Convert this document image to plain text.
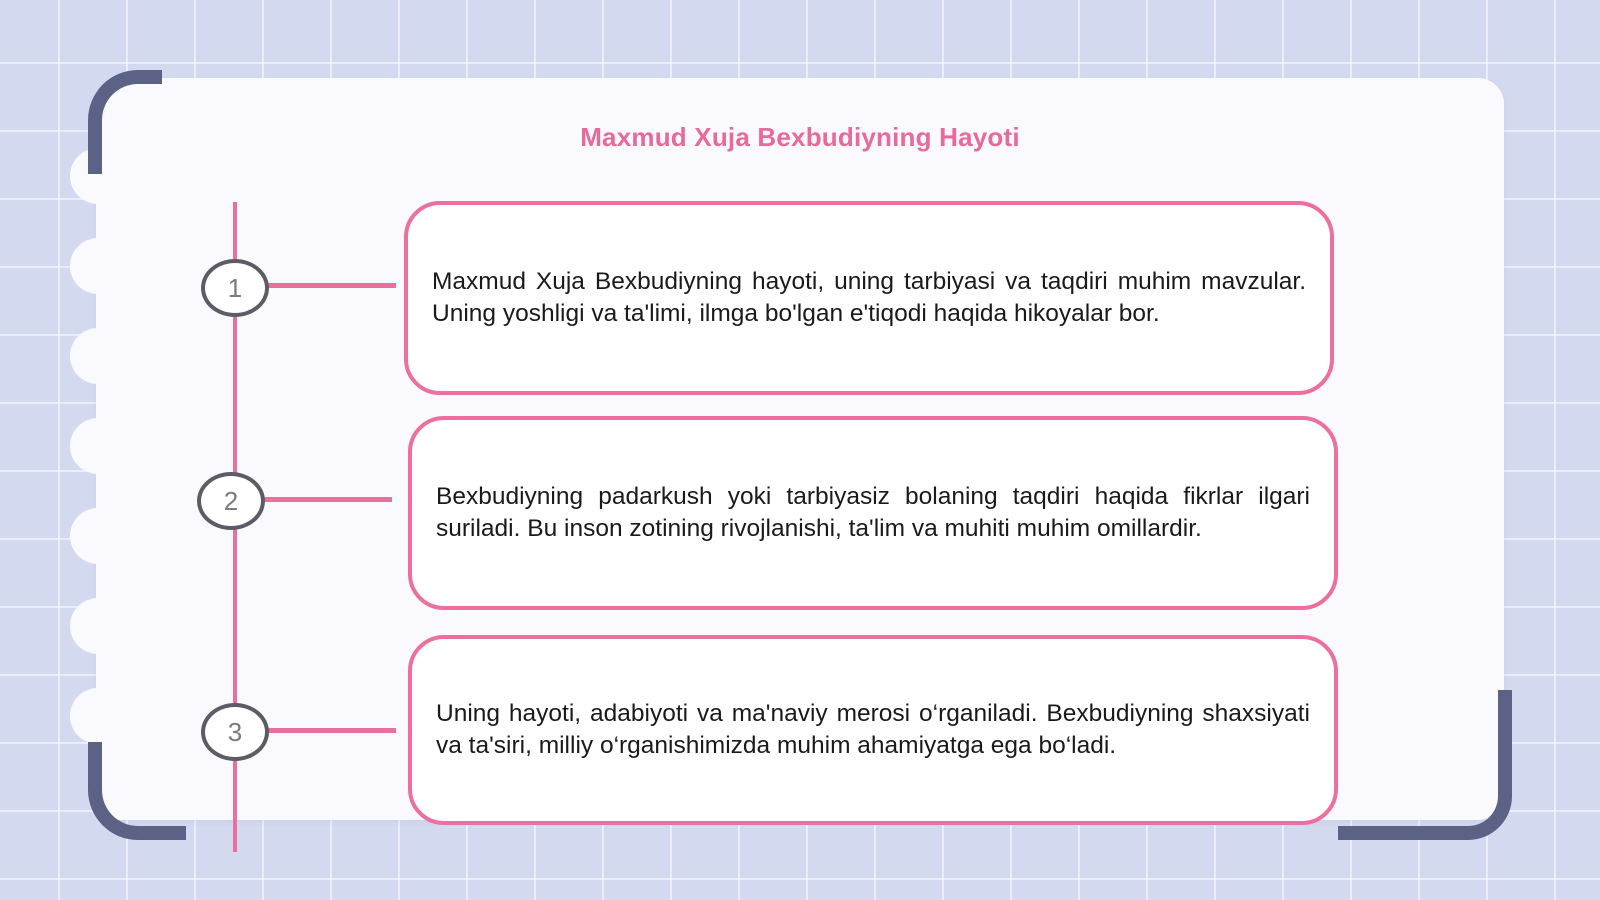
Maxmud Xuja Bexbudiyning Hayoti
1	Maxmud Xuja Bexbudiyning hayoti, uning tarbiyasi va taqdiri muhim mavzular. Uning yoshligi va ta'limi, ilmga bo'lgan e'tiqodi haqida hikoyalar bor.

2	Bexbudiyning padarkush yoki tarbiyasiz bolaning taqdiri haqida fikrlar ilgari suriladi. Bu inson zotining rivojlanishi, ta'lim va muhiti muhim omillardir.

3

Uning hayoti, adabiyoti va ma'naviy merosi o‘rganiladi. Bexbudiyning shaxsiyati va ta'siri, milliy o‘rganishimizda muhim ahamiyatga ega bo‘ladi.
